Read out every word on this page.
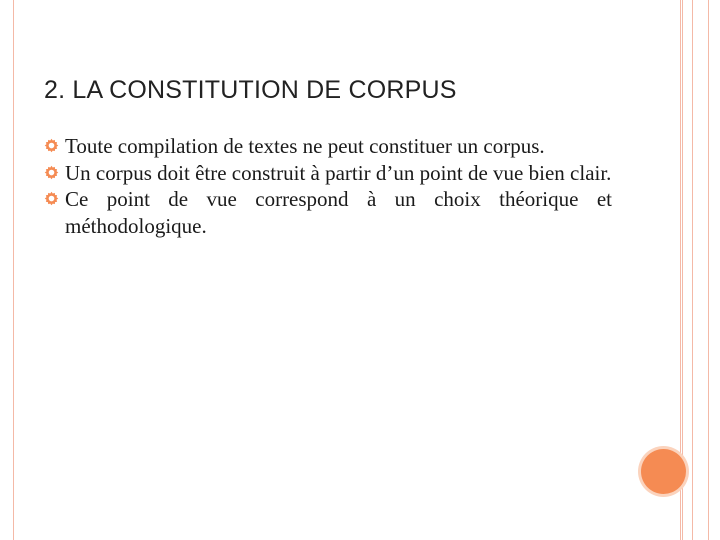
2. LA CONSTITUTION DE CORPUS
Toute compilation de textes ne peut constituer un corpus.
Un corpus doit être construit à partir d’un point de vue bien clair.
Ce point de vue correspond à un choix théorique et méthodologique.
